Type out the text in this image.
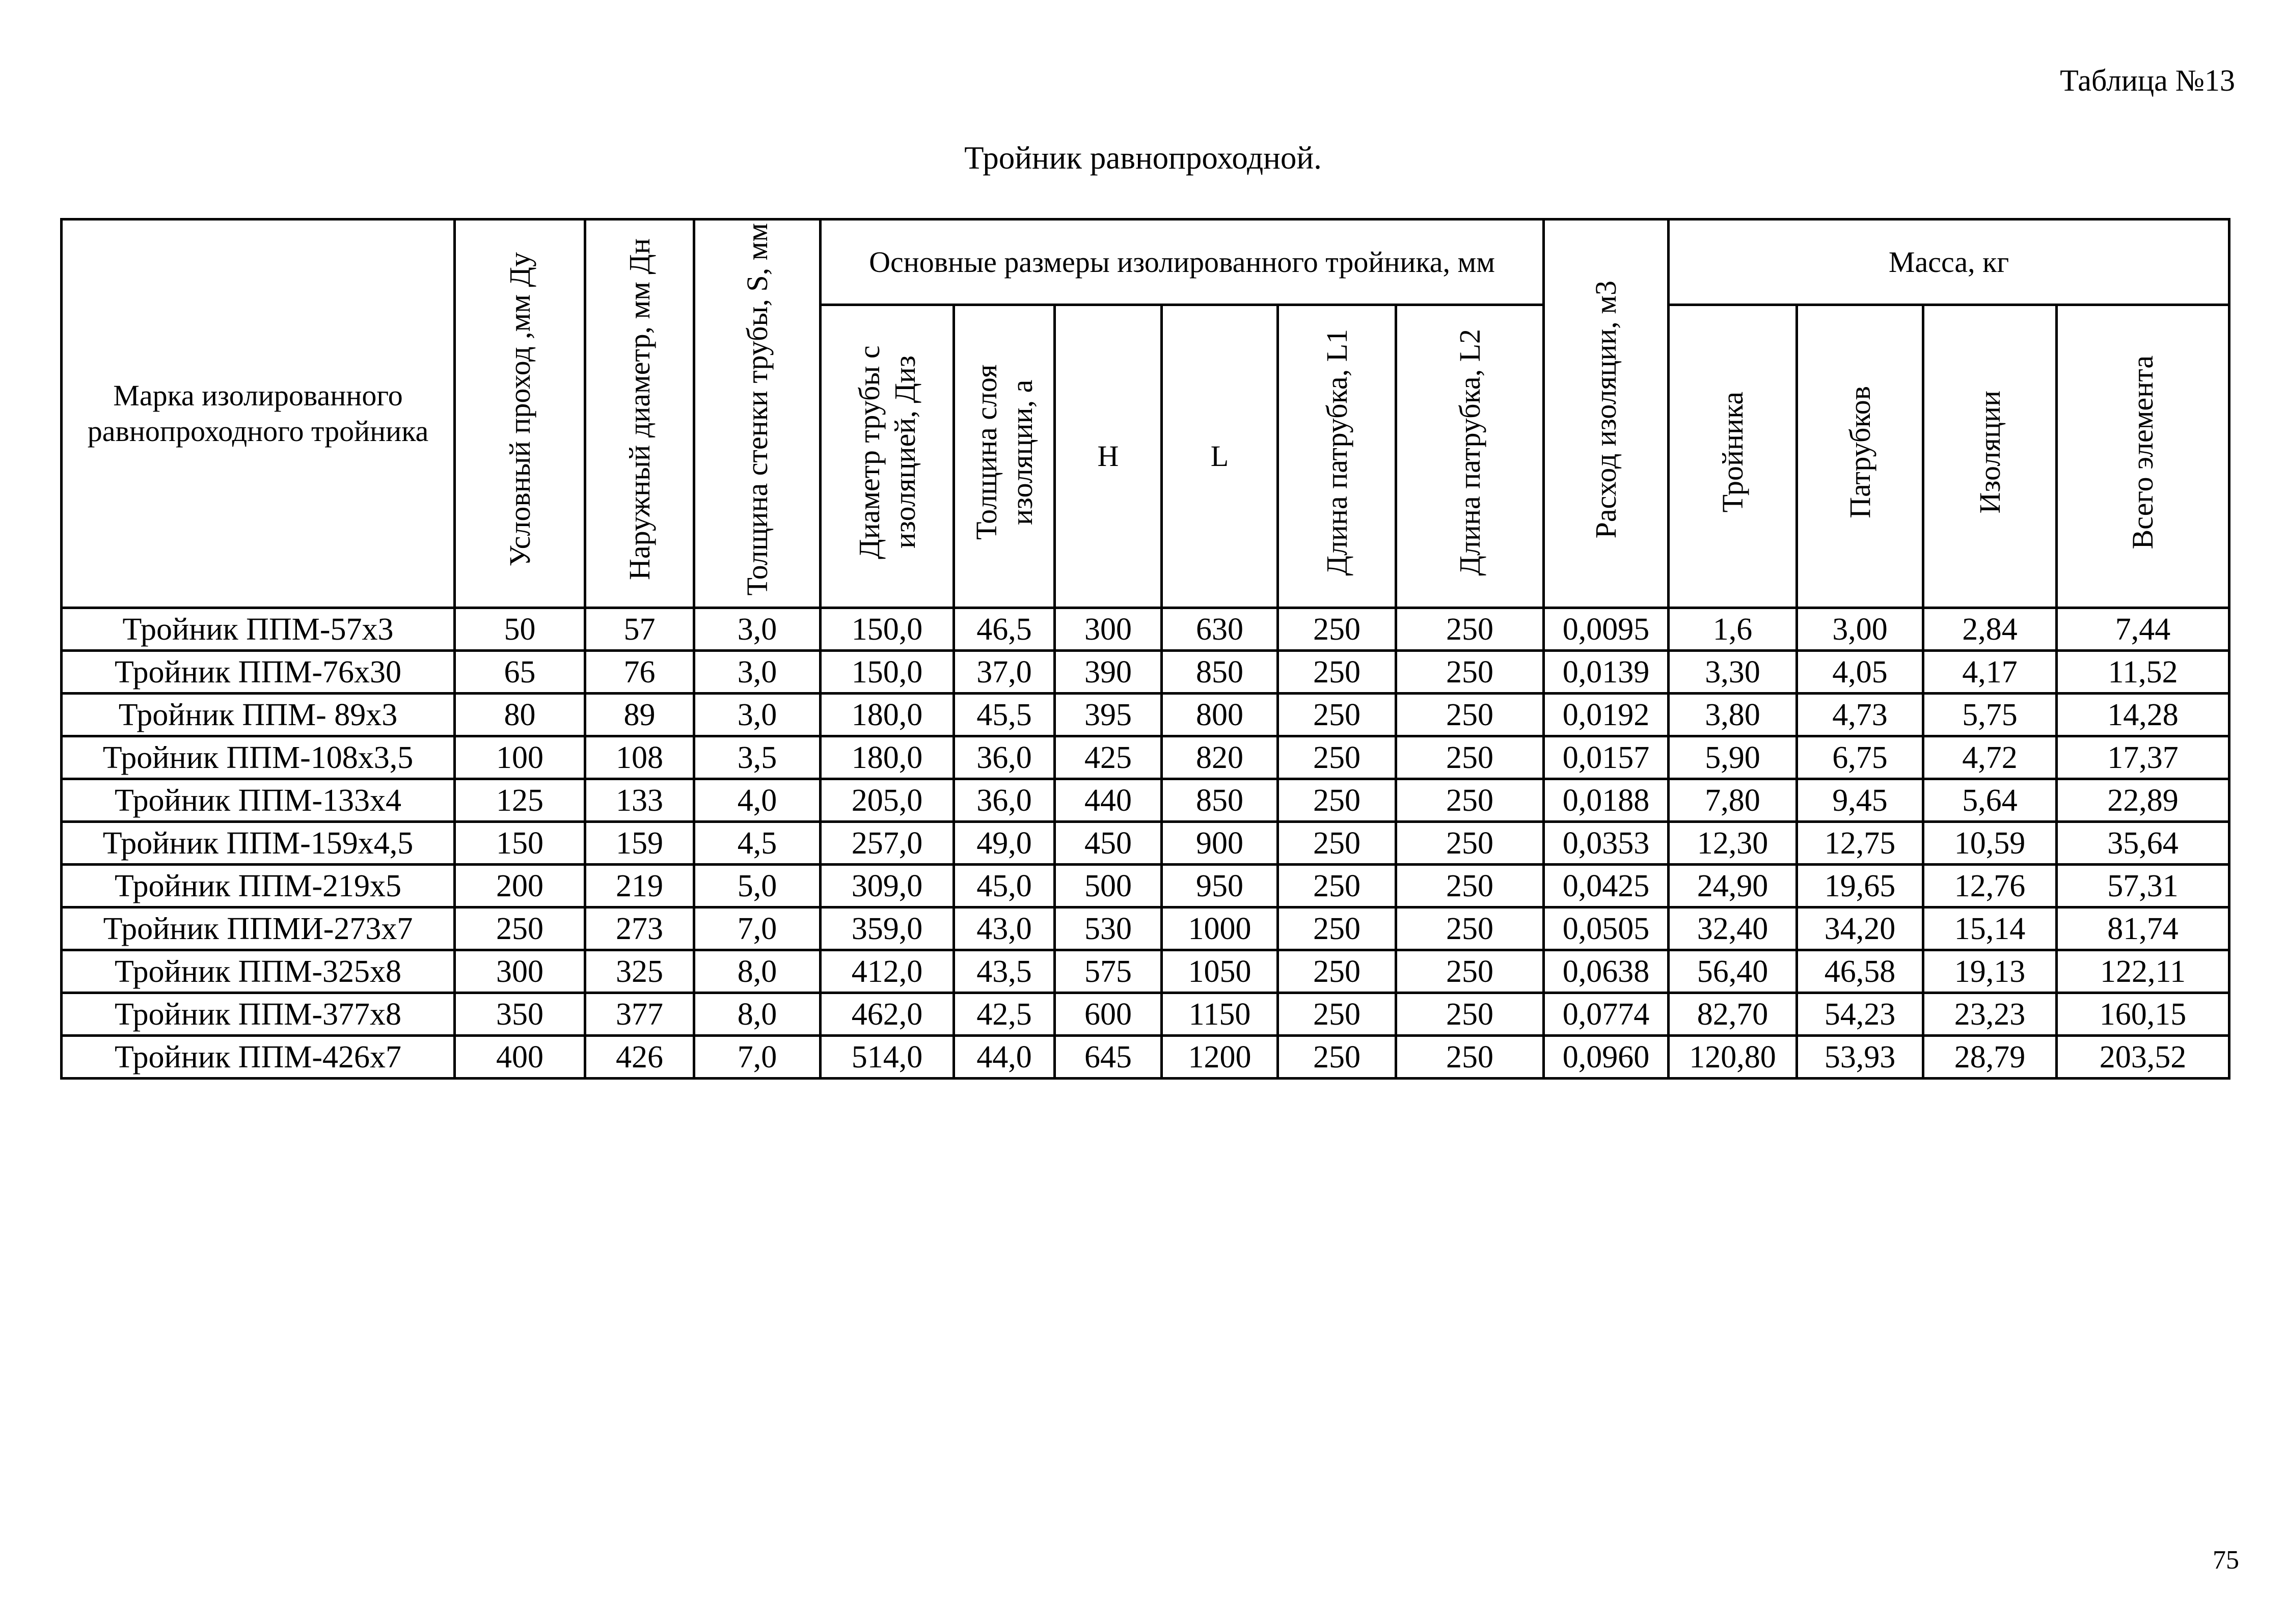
Таблица №13
Тройник равнопроходной.
Марка изолированного равнопроходного тройника	Условный проход ,мм Ду	Наружный диаметр, мм Дн	Толщина стенки трубы, S, мм	Основные размеры изолированного тройника, мм						Расход изоляции, м3	Масса, кг			
				Диаметр трубы с изоляцией, Диз	Толщина слоя изоляции, а	H	L	Длина патрубка, L1	Длина патрубка, L2		Тройника	Патрубков	Изоляции	Всего элемента
Тройник ППМ-57х3	50	57	3,0	150,0	46,5	300	630	250	250	0,0095	1,6	3,00	2,84	7,44
Тройник ППМ-76х30	65	76	3,0	150,0	37,0	390	850	250	250	0,0139	3,30	4,05	4,17	11,52
Тройник ППМ- 89х3	80	89	3,0	180,0	45,5	395	800	250	250	0,0192	3,80	4,73	5,75	14,28
Тройник ППМ-108х3,5	100	108	3,5	180,0	36,0	425	820	250	250	0,0157	5,90	6,75	4,72	17,37
Тройник ППМ-133х4	125	133	4,0	205,0	36,0	440	850	250	250	0,0188	7,80	9,45	5,64	22,89
Тройник ППМ-159х4,5	150	159	4,5	257,0	49,0	450	900	250	250	0,0353	12,30	12,75	10,59	35,64
Тройник ППМ-219х5	200	219	5,0	309,0	45,0	500	950	250	250	0,0425	24,90	19,65	12,76	57,31
Тройник ППМИ-273х7	250	273	7,0	359,0	43,0	530	1000	250	250	0,0505	32,40	34,20	15,14	81,74
Тройник ППМ-325х8	300	325	8,0	412,0	43,5	575	1050	250	250	0,0638	56,40	46,58	19,13	122,11
Тройник ППМ-377х8	350	377	8,0	462,0	42,5	600	1150	250	250	0,0774	82,70	54,23	23,23	160,15
Тройник ППМ-426х7	400	426	7,0	514,0	44,0	645	1200	250	250	0,0960	120,80	53,93	28,79	203,52
75
